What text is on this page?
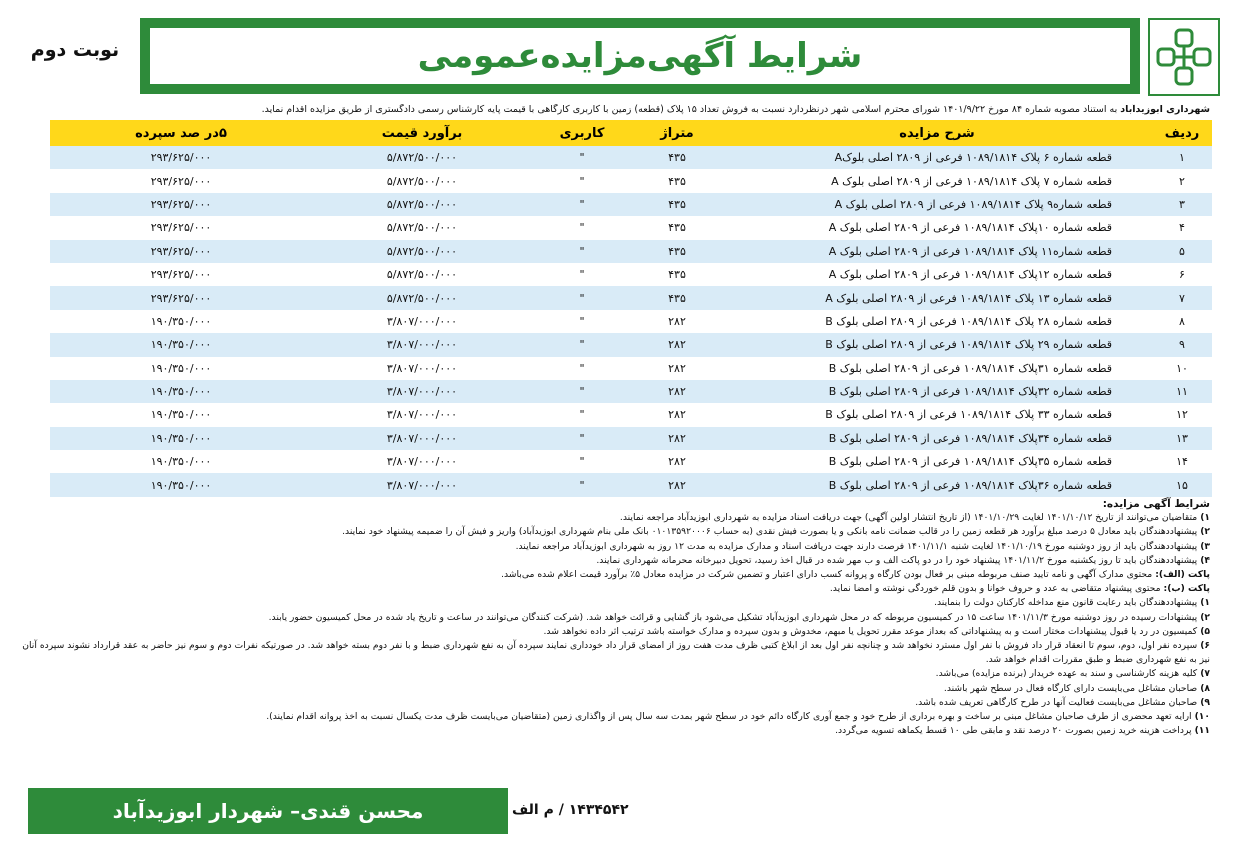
شرایط آگهی‌مزایده‌عمومی
نوبت دوم
شهرداری ابوزیدآباد به استناد مصوبه شماره ۸۴ مورخ ۱۴۰۱/۹/۲۲ شورای محترم اسلامی شهر درنظردارد نسبت به فروش تعداد ۱۵ پلاک (قطعه) زمین با کاربری کارگاهی با قیمت پایه کارشناس رسمی دادگستری از طریق مزایده اقدام نماید.
ردیف	شرح مزایده	متراژ	کاربری	برآورد قیمت	۵در صد سپرده
۱	قطعه شماره ۶ پلاک ۱۰۸۹/۱۸۱۴ فرعی از ۲۸۰۹ اصلی بلوکA	۴۳۵	"	۵/۸۷۲/۵۰۰/۰۰۰	۲۹۳/۶۲۵/۰۰۰
۲	قطعه شماره ۷ پلاک ۱۰۸۹/۱۸۱۴ فرعی از ۲۸۰۹ اصلی بلوک A	۴۳۵	"	۵/۸۷۲/۵۰۰/۰۰۰	۲۹۳/۶۲۵/۰۰۰
۳	قطعه شماره۹ پلاک ۱۰۸۹/۱۸۱۴ فرعی از ۲۸۰۹ اصلی بلوک A	۴۳۵	"	۵/۸۷۲/۵۰۰/۰۰۰	۲۹۳/۶۲۵/۰۰۰
۴	قطعه شماره ۱۰پلاک ۱۰۸۹/۱۸۱۴ فرعی از ۲۸۰۹ اصلی بلوک A	۴۳۵	"	۵/۸۷۲/۵۰۰/۰۰۰	۲۹۳/۶۲۵/۰۰۰
۵	قطعه شماره۱۱ پلاک ۱۰۸۹/۱۸۱۴ فرعی از ۲۸۰۹ اصلی بلوک A	۴۳۵	"	۵/۸۷۲/۵۰۰/۰۰۰	۲۹۳/۶۲۵/۰۰۰
۶	قطعه شماره ۱۲پلاک ۱۰۸۹/۱۸۱۴ فرعی از ۲۸۰۹ اصلی بلوک A	۴۳۵	"	۵/۸۷۲/۵۰۰/۰۰۰	۲۹۳/۶۲۵/۰۰۰
۷	قطعه شماره ۱۳ پلاک ۱۰۸۹/۱۸۱۴ فرعی از ۲۸۰۹ اصلی بلوک A	۴۳۵	"	۵/۸۷۲/۵۰۰/۰۰۰	۲۹۳/۶۲۵/۰۰۰
۸	قطعه شماره ۲۸ پلاک ۱۰۸۹/۱۸۱۴ فرعی از ۲۸۰۹ اصلی بلوک B	۲۸۲	"	۳/۸۰۷/۰۰۰/۰۰۰	۱۹۰/۳۵۰/۰۰۰
۹	قطعه شماره ۲۹ پلاک ۱۰۸۹/۱۸۱۴ فرعی از ۲۸۰۹ اصلی بلوک B	۲۸۲	"	۳/۸۰۷/۰۰۰/۰۰۰	۱۹۰/۳۵۰/۰۰۰
۱۰	قطعه شماره ۳۱پلاک ۱۰۸۹/۱۸۱۴ فرعی از ۲۸۰۹ اصلی بلوک B	۲۸۲	"	۳/۸۰۷/۰۰۰/۰۰۰	۱۹۰/۳۵۰/۰۰۰
۱۱	قطعه شماره ۳۲پلاک ۱۰۸۹/۱۸۱۴ فرعی از ۲۸۰۹ اصلی بلوک B	۲۸۲	"	۳/۸۰۷/۰۰۰/۰۰۰	۱۹۰/۳۵۰/۰۰۰
۱۲	قطعه شماره ۳۳ پلاک ۱۰۸۹/۱۸۱۴ فرعی از ۲۸۰۹ اصلی بلوک B	۲۸۲	"	۳/۸۰۷/۰۰۰/۰۰۰	۱۹۰/۳۵۰/۰۰۰
۱۳	قطعه شماره ۳۴پلاک ۱۰۸۹/۱۸۱۴ فرعی از ۲۸۰۹ اصلی بلوک B	۲۸۲	"	۳/۸۰۷/۰۰۰/۰۰۰	۱۹۰/۳۵۰/۰۰۰
۱۴	قطعه شماره ۳۵پلاک ۱۰۸۹/۱۸۱۴ فرعی از ۲۸۰۹ اصلی بلوک B	۲۸۲	"	۳/۸۰۷/۰۰۰/۰۰۰	۱۹۰/۳۵۰/۰۰۰
۱۵	قطعه شماره ۳۶پلاک ۱۰۸۹/۱۸۱۴ فرعی از ۲۸۰۹ اصلی بلوک B	۲۸۲	"	۳/۸۰۷/۰۰۰/۰۰۰	۱۹۰/۳۵۰/۰۰۰
شرایط آگهی مزایده:
۱)متقاضیان می‌توانند از تاریخ ۱۴۰۱/۱۰/۱۲ لغایت ۱۴۰۱/۱۰/۲۹ (از تاریخ انتشار اولین آگهی) جهت دریافت اسناد مزایده به شهرداری ابوزیدآباد مراجعه نمایند.
۲)پیشنهاددهندگان باید معادل ۵ درصد مبلغ برآورد هر قطعه زمین را در قالب ضمانت نامه بانکی و یا بصورت فیش نقدی (به حساب ۰۱۰۱۳۵۹۲۰۰۰۶ بانک ملی بنام شهرداری ابوزیدآباد) واریز و فیش آن را ضمیمه پیشنهاد خود نمایند.
۳)پیشنهاددهندگان باید از روز دوشنبه مورخ ۱۴۰۱/۱۰/۱۹ لغایت شنبه ۱۴۰۱/۱۱/۱ فرصت دارند جهت دریافت اسناد و مدارک مزایده به مدت ۱۲ روز به شهرداری ابوزیدآباد مراجعه نمایند.
۴)پیشنهاددهندگان باید تا روز یکشنبه مورخ ۱۴۰۱/۱۱/۲ پیشنهاد خود را در دو پاکت الف و ب مهر شده در قبال اخذ رسید، تحویل دبیرخانه محرمانه شهرداری نمایند.
پاکت (الف):محتوی مدارک آگهی و نامه تایید صنف مربوطه مبنی بر فعال بودن کارگاه و پروانه کسب دارای اعتبار و تضمین شرکت در مزایده معادل ۵٪ برآورد قیمت اعلام شده می‌باشد.
پاکت (ب):محتوی پیشنهاد متقاضی به عدد و حروف خوانا و بدون قلم خوردگی نوشته و امضا نماید.
۱)پیشنهاددهندگان باید رعایت قانون منع مداخله کارکنان دولت را بنمایند.
۲)پیشنهادات رسیده در روز دوشنبه مورخ ۱۴۰۱/۱۱/۳ ساعت ۱۵ در کمیسیون مربوطه که در محل شهرداری ابوزیدآباد تشکیل می‌شود باز گشایی و قرائت خواهد شد. (شرکت کنندگان می‌توانند در ساعت و تاریخ یاد شده در محل کمیسیون حضور یابند.
۵)کمیسیون در رد یا قبول پیشنهادات مختار است و به پیشنهاداتی که بعداز موعد مقرر تحویل یا مبهم، مخدوش و بدون سپرده و مدارک خواسته باشد ترتیب اثر داده نخواهد شد.
۶)سپرده نفر اول، دوم، سوم تا انعقاد قرار داد فروش با نفر اول مسترد نخواهد شد و چنانچه نفر اول بعد از ابلاغ کتبی ظرف مدت هفت روز از امضای قرار داد خودداری نمایند سپرده آن به نفع شهرداری ضبط و با نفر دوم بسته خواهد شد. در صورتیکه نفرات دوم و سوم نیز حاضر به عقد قرارداد نشوند سپرده آنان نیز به نفع شهرداری ضبط و طبق مقررات اقدام خواهد شد.
۷)کلیه هزینه کارشناسی و سند به عهده خریدار (برنده مزایده) می‌باشد.
۸)صاحبان مشاغل می‌بایست دارای کارگاه فعال در سطح شهر باشند.
۹)صاحبان مشاغل می‌بایست فعالیت آنها در طرح کارگاهی تعریف شده باشد.
۱۰)ارایه تعهد محضری از طرف صاحبان مشاغل مبنی بر ساخت و بهره برداری از طرح خود و جمع آوری کارگاه دائم خود در سطح شهر بمدت سه سال پس از واگذاری زمین (متقاضیان می‌بایست ظرف مدت یکسال نسبت به اخذ پروانه اقدام نمایند).
۱۱)پرداخت هزینه خرید زمین بصورت ۲۰ درصد نقد و مابقی طی ۱۰ قسط یکماهه تسویه می‌گردد.
۱۴۳۴۵۴۲ / م الف
محسن قندی– شهردار ابوزیدآباد
